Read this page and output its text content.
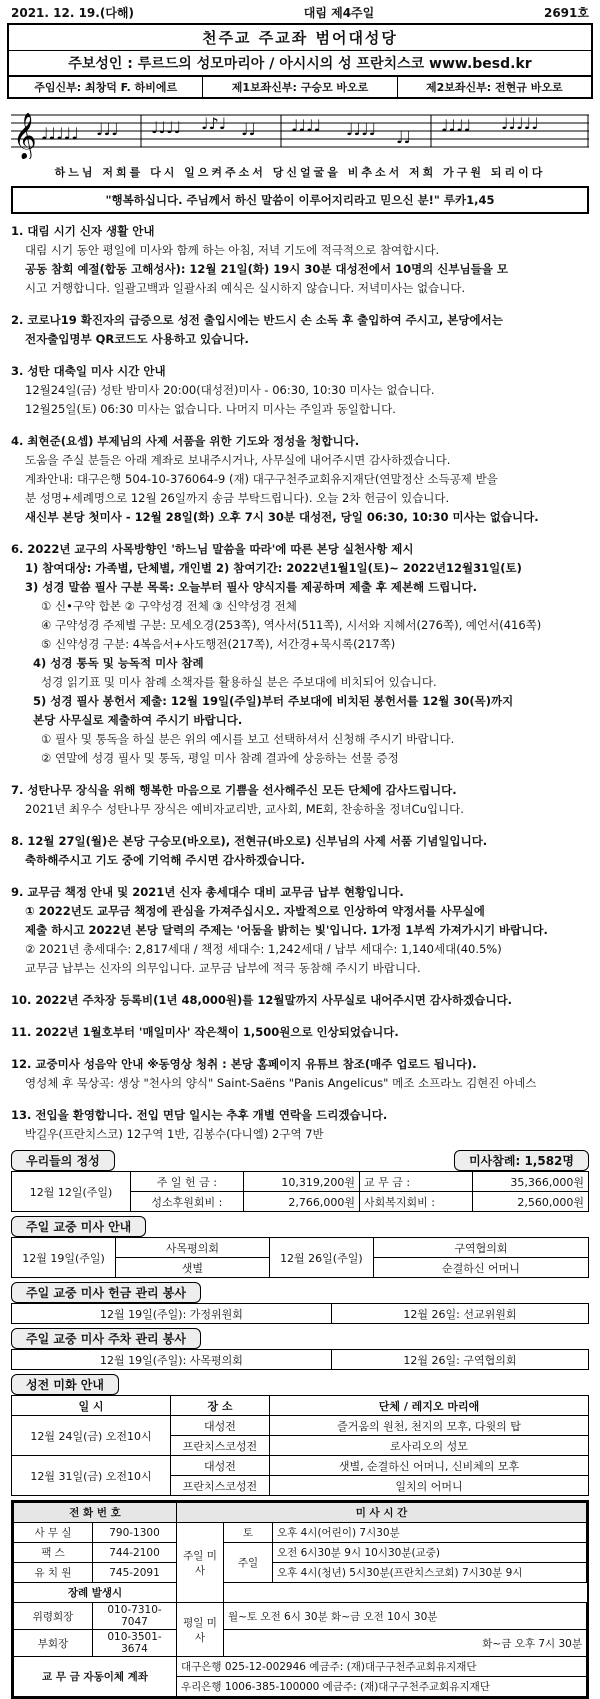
2021. 12. 19.(다해)	대림 제4주일	2691호
천주교 주교좌 범어대성당
주보성인 : 루르드의 성모마리아 / 아시시의 성 프란치스코 www.besd.kr
주임신부: 최창덕 F. 하비에르	제1보좌신부: 구승모 바오로	제2보좌신부: 전현규 바오로
𝄞 ♩♩♩♩♩ ♩♩♩ ♩♩♩♩ ♩♪♩ ♩♩ ♩♩♩♩ ♩♩♩♩ ♩♩
♩♩♩♩ ♩♩♩♩♩
하느님 저희를 다시 일으켜주소서 당신얼굴을 비추소서 저희 가구원 되리이다
"행복하십니다. 주님께서 하신 말씀이 이루어지리라고 믿으신 분!" 루카1,45
1. 대림 시기 신자 생활 안내
대림 시기 동안 평일에 미사와 함께 하는 아침, 저녁 기도에 적극적으로 참여합시다.
공동 참회 예절(합동 고해성사): 12월 21일(화) 19시 30분 대성전에서 10명의 신부님들을 모
시고 거행합니다. 일괄고백과 일괄사죄 예식은 실시하지 않습니다. 저녁미사는 없습니다.
2. 코로나19 확진자의 급증으로 성전 출입시에는 반드시 손 소독 후 출입하여 주시고, 본당에서는
전자출입명부 QR코드도 사용하고 있습니다.
3. 성탄 대축일 미사 시간 안내
12월24일(금) 성탄 밤미사 20:00(대성전)미사 - 06:30, 10:30 미사는 없습니다.
12월25일(토) 06:30 미사는 없습니다. 나머지 미사는 주일과 동일합니다.
4. 최현준(요셉) 부제님의 사제 서품을 위한 기도와 정성을 청합니다.
도움을 주실 분들은 아래 계좌로 보내주시거나, 사무실에 내어주시면 감사하겠습니다.
계좌안내: 대구은행 504-10-376064-9 (재) 대구구천주교회유지재단(연말정산 소득공제 받을
분 성명+세례명으로 12월 26일까지 송금 부탁드립니다). 오늘 2차 헌금이 있습니다.
새신부 본당 첫미사 - 12월 28일(화) 오후 7시 30분 대성전, 당일 06:30, 10:30 미사는 없습니다.
6. 2022년 교구의 사목방향인 '하느님 말씀을 따라'에 따른 본당 실천사항 제시
1) 참여대상: 가족별, 단체별, 개인별 2) 참여기간: 2022년1월1일(토)~ 2022년12월31일(토)
3) 성경 말씀 필사 구분 목록: 오늘부터 필사 양식지를 제공하며 제출 후 제본해 드립니다.
① 신•구약 합본 ② 구약성경 전체 ③ 신약성경 전체
④ 구약성경 주제별 구분: 모세오경(253쪽), 역사서(511쪽), 시서와 지혜서(276쪽), 예언서(416쪽)
⑤ 신약성경 구분: 4복음서+사도행전(217쪽), 서간경+묵시록(217쪽)
4) 성경 통독 및 능독적 미사 참례
성경 읽기표 및 미사 참례 소책자를 활용하실 분은 주보대에 비치되어 있습니다.
5) 성경 필사 봉헌서 제출: 12월 19일(주일)부터 주보대에 비치된 봉헌서를 12월 30(목)까지
본당 사무실로 제출하여 주시기 바랍니다.
① 필사 및 통독을 하실 분은 위의 예시를 보고 선택하셔서 신청해 주시기 바랍니다.
② 연말에 성경 필사 및 통독, 평일 미사 참례 결과에 상응하는 선물 증정
7. 성탄나무 장식을 위해 행복한 마음으로 기쁨을 선사해주신 모든 단체에 감사드립니다.
2021년 최우수 성탄나무 장식은 예비자교리반, 교사회, ME회, 찬송하올 정녀Cu입니다.
8. 12월 27일(월)은 본당 구승모(바오로), 전현규(바오로) 신부님의 사제 서품 기념일입니다.
축하해주시고 기도 중에 기억해 주시면 감사하겠습니다.
9. 교무금 책정 안내 및 2021년 신자 총세대수 대비 교무금 납부 현황입니다.
① 2022년도 교무금 책정에 관심을 가져주십시오. 자발적으로 인상하여 약정서를 사무실에
제출 하시고 2022년 본당 달력의 주제는 '어둠을 밝히는 빛'입니다. 1가정 1부씩 가져가시기 바랍니다.
② 2021년 총세대수: 2,817세대 / 책정 세대수: 1,242세대 / 납부 세대수: 1,140세대(40.5%)
교무금 납부는 신자의 의무입니다. 교무금 납부에 적극 동참해 주시기 바랍니다.
10. 2022년 주차장 등록비(1년 48,000원)를 12월말까지 사무실로 내어주시면 감사하겠습니다.
11. 2022년 1월호부터 '매일미사' 작은책이 1,500원으로 인상되었습니다.
12. 교중미사 성음악 안내 ※동영상 청취 : 본당 홈페이지 유튜브 참조(매주 업로드 됩니다).
영성체 후 묵상곡: 생상 "천사의 양식" Saint-Saëns "Panis Angelicus" 메조 소프라노 김현진 아네스
13. 전입을 환영합니다. 전입 면담 일시는 추후 개별 연락을 드리겠습니다.
박길우(프란치스코) 12구역 1반, 김봉수(다니엘) 2구역 7반
우리들의 정성	미사참례: 1,582명
12월 12일(주일)	주 일 헌 금 :	10,319,200원	교 무 금 :	35,366,000원
	성소후원회비 :	2,766,000원	사회복지회비 :	2,560,000원
주일 교중 미사 안내
12월 19일(주일)	사목평의회	12월 26일(주일)	구역협의회
	샛별		순결하신 어머니
주일 교중 미사 헌금 관리 봉사
12월 19일(주일): 가정위원회	12월 26일: 선교위원회
주일 교중 미사 주차 관리 봉사
12월 19일(주일): 사목평의회	12월 26일: 구역협의회
성전 미화 안내
일 시	장 소	단체 / 레지오 마리애
12월 24일(금) 오전10시	대성전	즐거움의 원천, 천지의 모후, 다윗의 탑
	프란치스코성전	로사리오의 성모
12월 31일(금) 오전10시	대성전	샛별, 순결하신 어머니, 신비체의 모후
	프란치스코성전	일치의 어머니
전 화 번 호		미 사 시 간		
사 무 실	790-1300	주일 미사	토	오후 4시(어린이) 7시30분
팩 스	744-2100		주일	오전 6시30분 9시 10시30분(교중)
유 치 원	745-2091			오후 4시(청년) 5시30분(프란치스코회) 7시30분 9시
장례 발생시				
위령회장	010-7310-7047	평일 미사	월~토 오전 6시 30분 화~금 오전 10시 30분	
부회장	010-3501-3674		화~금 오후 7시 30분	
교 무 금 자동이체 계좌		대구은행 025-12-002946 예금주: (재)대구구천주교회유지재단		
		우리은행 1006-385-100000 예금주: (재)대구구천주교회유지재단		
